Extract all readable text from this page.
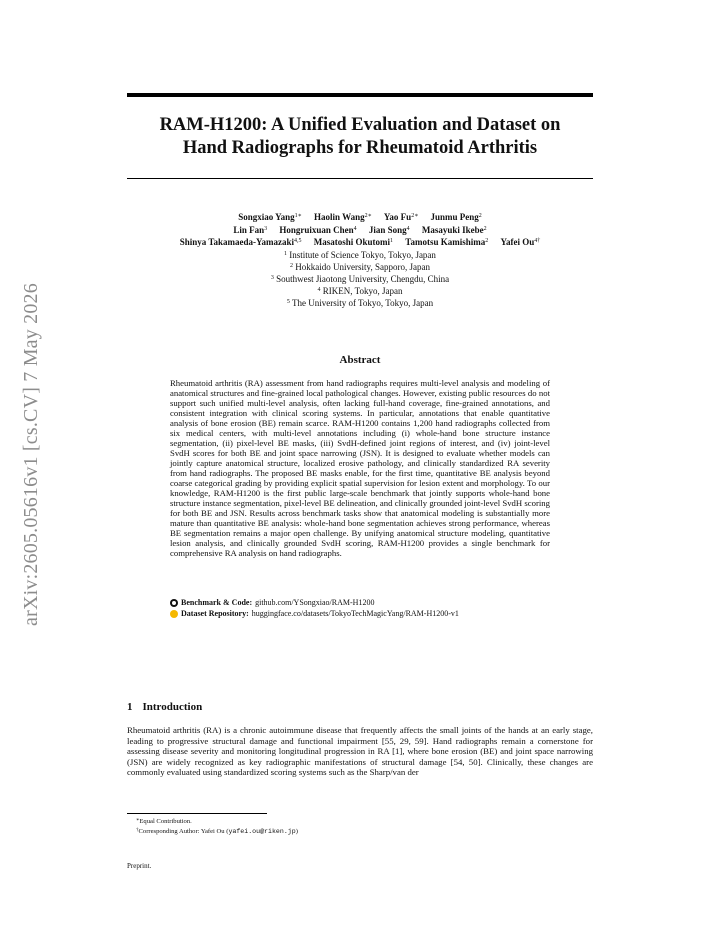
arXiv:2605.05616v1 [cs.CV] 7 May 2026
RAM-H1200: A Unified Evaluation and Dataset on
Hand Radiographs for Rheumatoid Arthritis
Songxiao Yang$^{1∗}$ Haolin Wang$^{2∗}$ Yao $Fu^{2∗}$ Junmu Peng$^2$
Lin Fan$^3$ Hongruixuan Chen$^4$ Jian Song$^4$ Masayuki Ikebe$^2$
Shinya Takamaeda-Yamazaki$^{4,5}$ Masatoshi Okutomi$^1$ Tamotsu Kamishima$^2$ Yafei $Ou^{4\dagger}$
$^1$ Institute of Science Tokyo, Tokyo, Japan
$^2$ Hokkaido University, Sapporo, Japan
$^3$ Southwest Jiaotong University, Chengdu, China
$^4$ RIKEN, Tokyo, Japan
$^5$ The University of Tokyo, Tokyo, Japan
Abstract

Rheumatoid arthritis (RA) assessment from hand radiographs requires multi-level analysis and modeling of anatomical structures and fine-grained local pathological changes. However, existing public resources do not support such unified multi-level analysis, often lacking full-hand coverage, fine-grained annotations, and consistent integration with clinical scoring systems. In particular, annotations that enable quantitative analysis of bone erosion (BE) remain scarce. RAM-H1200 contains 1,200 hand radiographs collected from six medical centers, with multi-level annotations including (i) whole-hand bone structure instance segmentation, (ii) pixel-level BE masks, (iii) SvdH-defined joint regions of interest, and (iv) joint-level SvdH scores for both BE and joint space narrowing (JSN). It is designed to evaluate whether models can jointly capture anatomical structure, localized erosive pathology, and clinically standardized RA severity from hand radiographs. The proposed BE masks enable, for the first time, quantitative BE analysis beyond coarse categorical grading by providing explicit spatial supervision for lesion extent and morphology. To our knowledge, RAM-H1200 is the first public large-scale benchmark that jointly supports whole-hand bone structure instance segmentation, pixel-level BE delineation, and clinically grounded joint-level SvdH scoring for both BE and JSN. Results across benchmark tasks show that anatomical modeling is substantially more mature than quantitative BE analysis: whole-hand bone segmentation achieves strong performance, whereas BE segmentation remains a major open challenge. By unifying anatomical structure modeling, quantitative lesion analysis, and clinically grounded SvdH scoring, RAM-H1200 provides a single benchmark for comprehensive RA analysis on hand radiographs.

Benchmark & Code: github.com/YSongxiao/RAM-H1200
Dataset Repository: huggingface.co/datasets/TokyoTechMagicYang/RAM-H1200-v1
1 Introduction

Rheumatoid arthritis (RA) is a chronic autoimmune disease that frequently affects the small joints of the hands at an early stage, leading to progressive structural damage and functional impairment [55, 29, 59]. Hand radiographs remain a cornerstone for assessing disease severity and monitoring longitudinal progression in RA [1], where bone erosion (BE) and joint space narrowing (JSN) are widely recognized as key radiographic manifestations of structural damage [54, 50]. Clinically, these changes are commonly evaluated using standardized scoring systems such as the Sharp/van der

∗Equal Contribution.
†Corresponding Author: Yafei Ou (yafei.ou@riken.jp)
Preprint.
